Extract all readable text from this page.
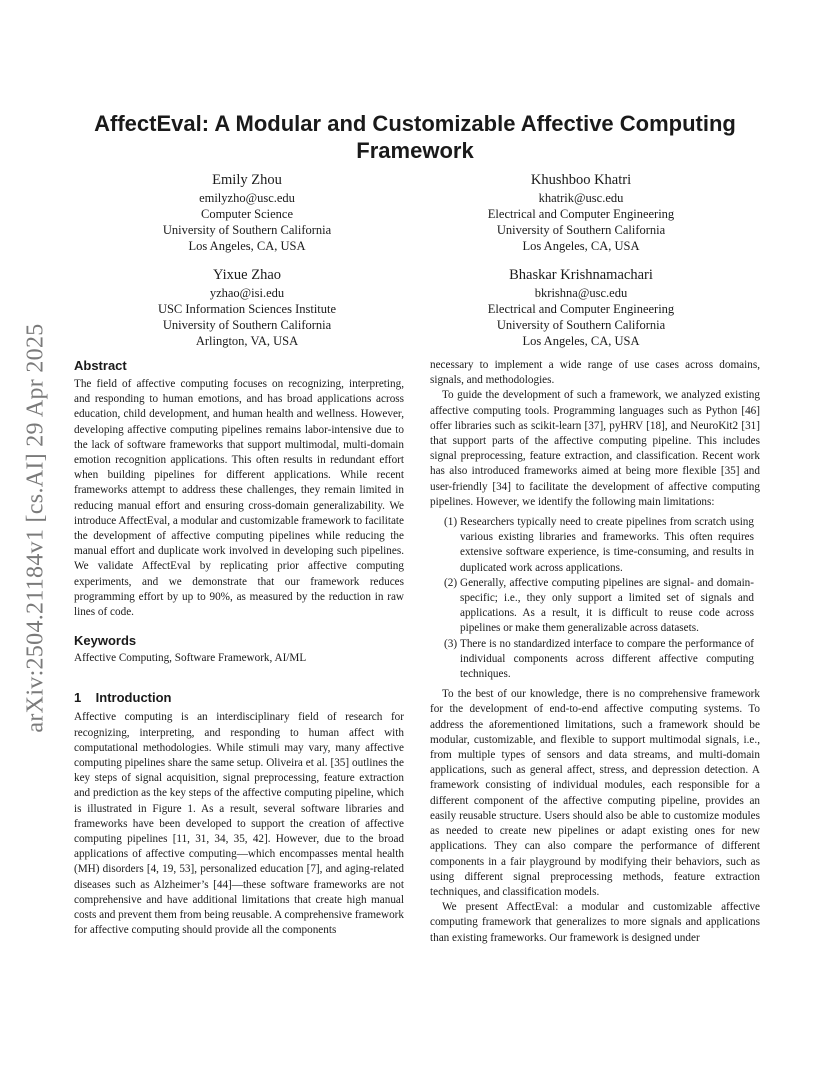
arXiv:2504.21184v1 [cs.AI] 29 Apr 2025
AffectEval: A Modular and Customizable Affective Computing Framework
Emily Zhou
emilyzho@usc.edu
Computer Science
University of Southern California
Los Angeles, CA, USA
Khushboo Khatri
khatrik@usc.edu
Electrical and Computer Engineering
University of Southern California
Los Angeles, CA, USA
Yixue Zhao
yzhao@isi.edu
USC Information Sciences Institute
University of Southern California
Arlington, VA, USA
Bhaskar Krishnamachari
bkrishna@usc.edu
Electrical and Computer Engineering
University of Southern California
Los Angeles, CA, USA
Abstract

The field of affective computing focuses on recognizing, interpreting, and responding to human emotions, and has broad applications across education, child development, and human health and wellness. However, developing affective computing pipelines remains labor-intensive due to the lack of software frameworks that support multimodal, multi-domain emotion recognition applications. This often results in redundant effort when building pipelines for different applications. While recent frameworks attempt to address these challenges, they remain limited in reducing manual effort and ensuring cross-domain generalizability. We introduce AffectEval, a modular and customizable framework to facilitate the development of affective computing pipelines while reducing the manual effort and duplicate work involved in developing such pipelines. We validate AffectEval by replicating prior affective computing experiments, and we demonstrate that our framework reduces programming effort by up to 90%, as measured by the reduction in raw lines of code.

Keywords

Affective Computing, Software Framework, AI/ML

1    Introduction

Affective computing is an interdisciplinary field of research for recognizing, interpreting, and responding to human affect with computational methodologies. While stimuli may vary, many affective computing pipelines share the same setup. Oliveira et al. [35] outlines the key steps of signal acquisition, signal preprocessing, feature extraction and prediction as the key steps of the affective computing pipeline, which is illustrated in Figure 1. As a result, several software libraries and frameworks have been developed to support the creation of affective computing pipelines [11, 31, 34, 35, 42]. However, due to the broad applications of affective computing—which encompasses mental health (MH) disorders [4, 19, 53], personalized education [7], and aging-related diseases such as Alzheimer’s [44]—these software frameworks are not comprehensive and have additional limitations that create high manual costs and prevent them from being reusable. A comprehensive framework for affective computing should provide all the components

necessary to implement a wide range of use cases across domains, signals, and methodologies.

To guide the development of such a framework, we analyzed existing affective computing tools. Programming languages such as Python [46] offer libraries such as scikit-learn [37], pyHRV [18], and NeuroKit2 [31] that support parts of the affective computing pipeline. This includes signal preprocessing, feature extraction, and classification. Recent work has also introduced frameworks aimed at being more flexible [35] and user-friendly [34] to facilitate the development of affective computing pipelines. However, we identify the following main limitations:

(1) Researchers typically need to create pipelines from scratch using various existing libraries and frameworks. This often requires extensive software experience, is time-consuming, and results in duplicated work across applications.
(2) Generally, affective computing pipelines are signal- and domain-specific; i.e., they only support a limited set of signals and applications. As a result, it is difficult to reuse code across pipelines or make them generalizable across datasets.
(3) There is no standardized interface to compare the performance of individual components across different affective computing techniques.

To the best of our knowledge, there is no comprehensive framework for the development of end-to-end affective computing systems. To address the aforementioned limitations, such a framework should be modular, customizable, and flexible to support multimodal signals, i.e., from multiple types of sensors and data streams, and multi-domain applications, such as general affect, stress, and depression detection. A framework consisting of individual modules, each responsible for a different component of the affective computing pipeline, provides an easily reusable structure. Users should also be able to customize modules as needed to create new pipelines or adapt existing ones for new applications. They can also compare the performance of different components in a fair playground by modifying their behaviors, such as using different signal preprocessing methods, feature extraction techniques, and classification models.

We present AffectEval: a modular and customizable affective computing framework that generalizes to more signals and applications than existing frameworks. Our framework is designed under
